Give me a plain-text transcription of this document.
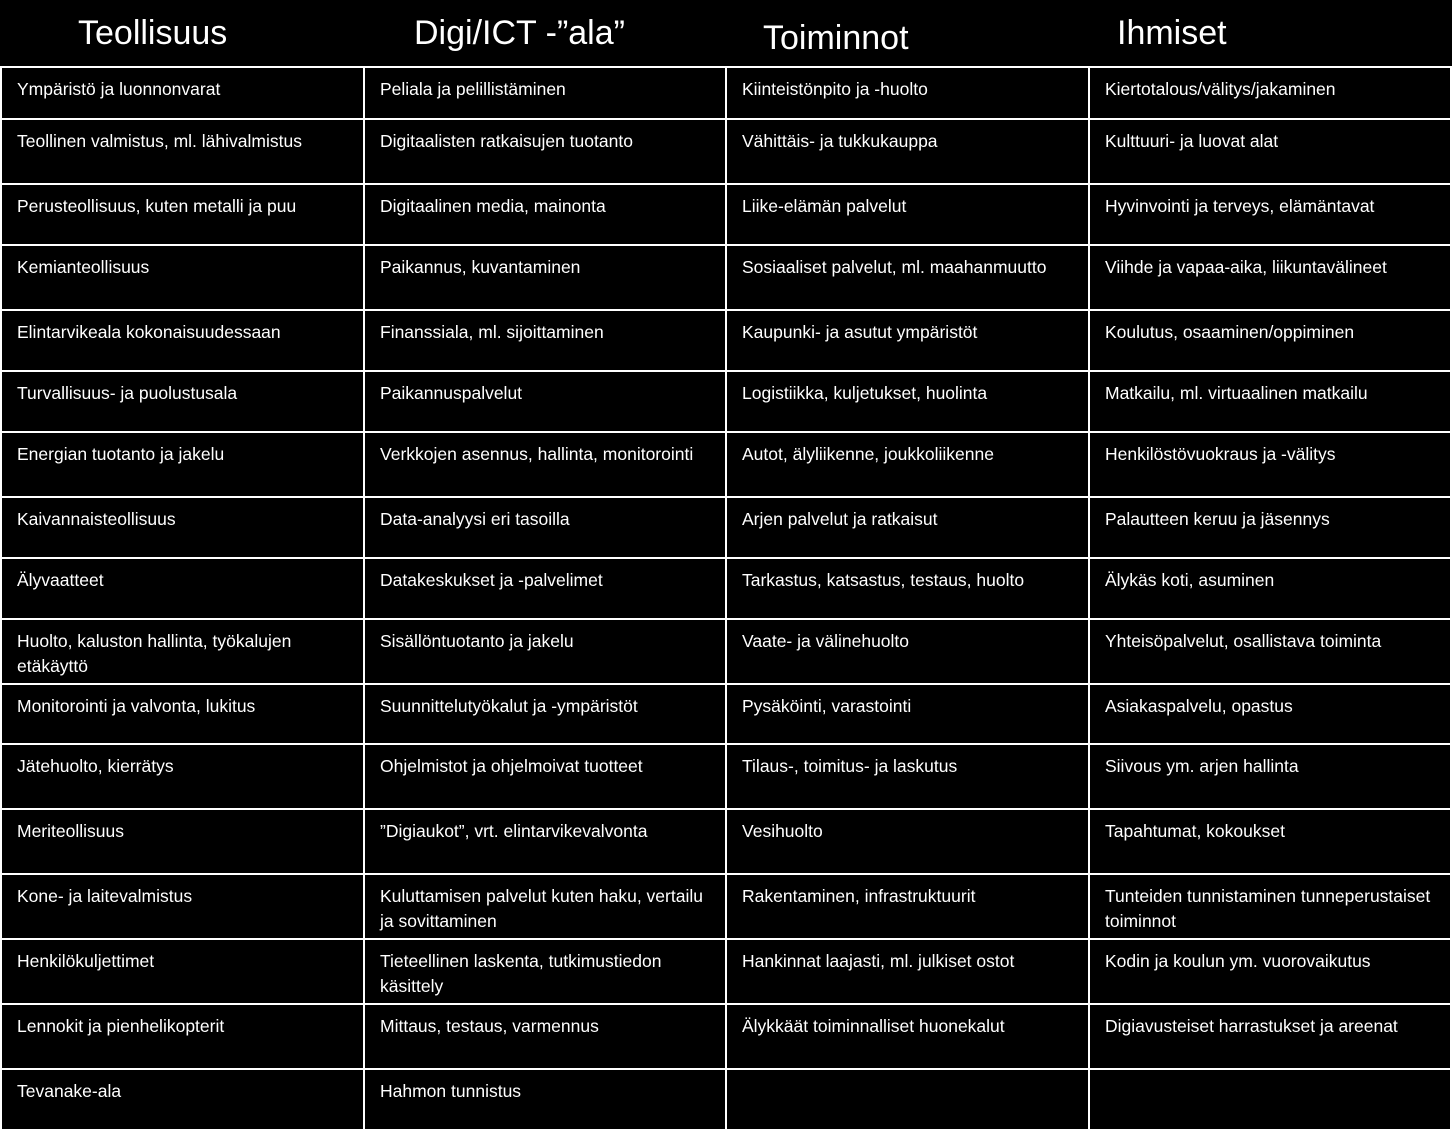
Teollisuus	Digi/ICT -”ala”	Toiminnot	Ihmiset
Ympäristö ja luonnonvarat	Peliala ja pelillistäminen	Kiinteistönpito ja -huolto	Kiertotalous/välitys/jakaminen
Teollinen valmistus, ml. lähivalmistus	Digitaalisten ratkaisujen tuotanto	Vähittäis- ja tukkukauppa	Kulttuuri- ja luovat alat
Perusteollisuus, kuten metalli ja puu	Digitaalinen media, mainonta	Liike-elämän palvelut	Hyvinvointi ja terveys, elämäntavat
Kemianteollisuus	Paikannus, kuvantaminen	Sosiaaliset palvelut, ml. maahanmuutto	Viihde ja vapaa-aika, liikuntavälineet
Elintarvikeala kokonaisuudessaan	Finanssiala, ml. sijoittaminen	Kaupunki- ja asutut ympäristöt	Koulutus, osaaminen/oppiminen
Turvallisuus- ja puolustusala	Paikannuspalvelut	Logistiikka, kuljetukset, huolinta	Matkailu, ml. virtuaalinen matkailu
Energian tuotanto ja jakelu	Verkkojen asennus, hallinta, monitorointi	Autot, älyliikenne, joukkoliikenne	Henkilöstövuokraus ja -välitys
Kaivannaisteollisuus	Data-analyysi eri tasoilla	Arjen palvelut ja ratkaisut	Palautteen keruu ja jäsennys
Älyvaatteet	Datakeskukset ja -palvelimet	Tarkastus, katsastus, testaus, huolto	Älykäs koti, asuminen
Huolto, kaluston hallinta, työkalujen etäkäyttö	Sisällöntuotanto ja jakelu	Vaate- ja välinehuolto	Yhteisöpalvelut, osallistava toiminta
Monitorointi ja valvonta, lukitus	Suunnittelutyökalut ja -ympäristöt	Pysäköinti, varastointi	Asiakaspalvelu, opastus
Jätehuolto, kierrätys	Ohjelmistot ja ohjelmoivat tuotteet	Tilaus-, toimitus- ja laskutus	Siivous ym. arjen hallinta
Meriteollisuus	”Digiaukot”, vrt. elintarvikevalvonta	Vesihuolto	Tapahtumat, kokoukset
Kone- ja laitevalmistus	Kuluttamisen palvelut kuten haku, vertailu ja sovittaminen	Rakentaminen, infrastruktuurit	Tunteiden tunnistaminen tunneperustaiset toiminnot
Henkilökuljettimet	Tieteellinen laskenta, tutkimustiedon käsittely	Hankinnat laajasti, ml. julkiset ostot	Kodin ja koulun ym. vuorovaikutus
Lennokit ja pienhelikopterit	Mittaus, testaus, varmennus	Älykkäät toiminnalliset huonekalut	Digiavusteiset harrastukset ja areenat
Tevanake-ala	Hahmon tunnistus		
